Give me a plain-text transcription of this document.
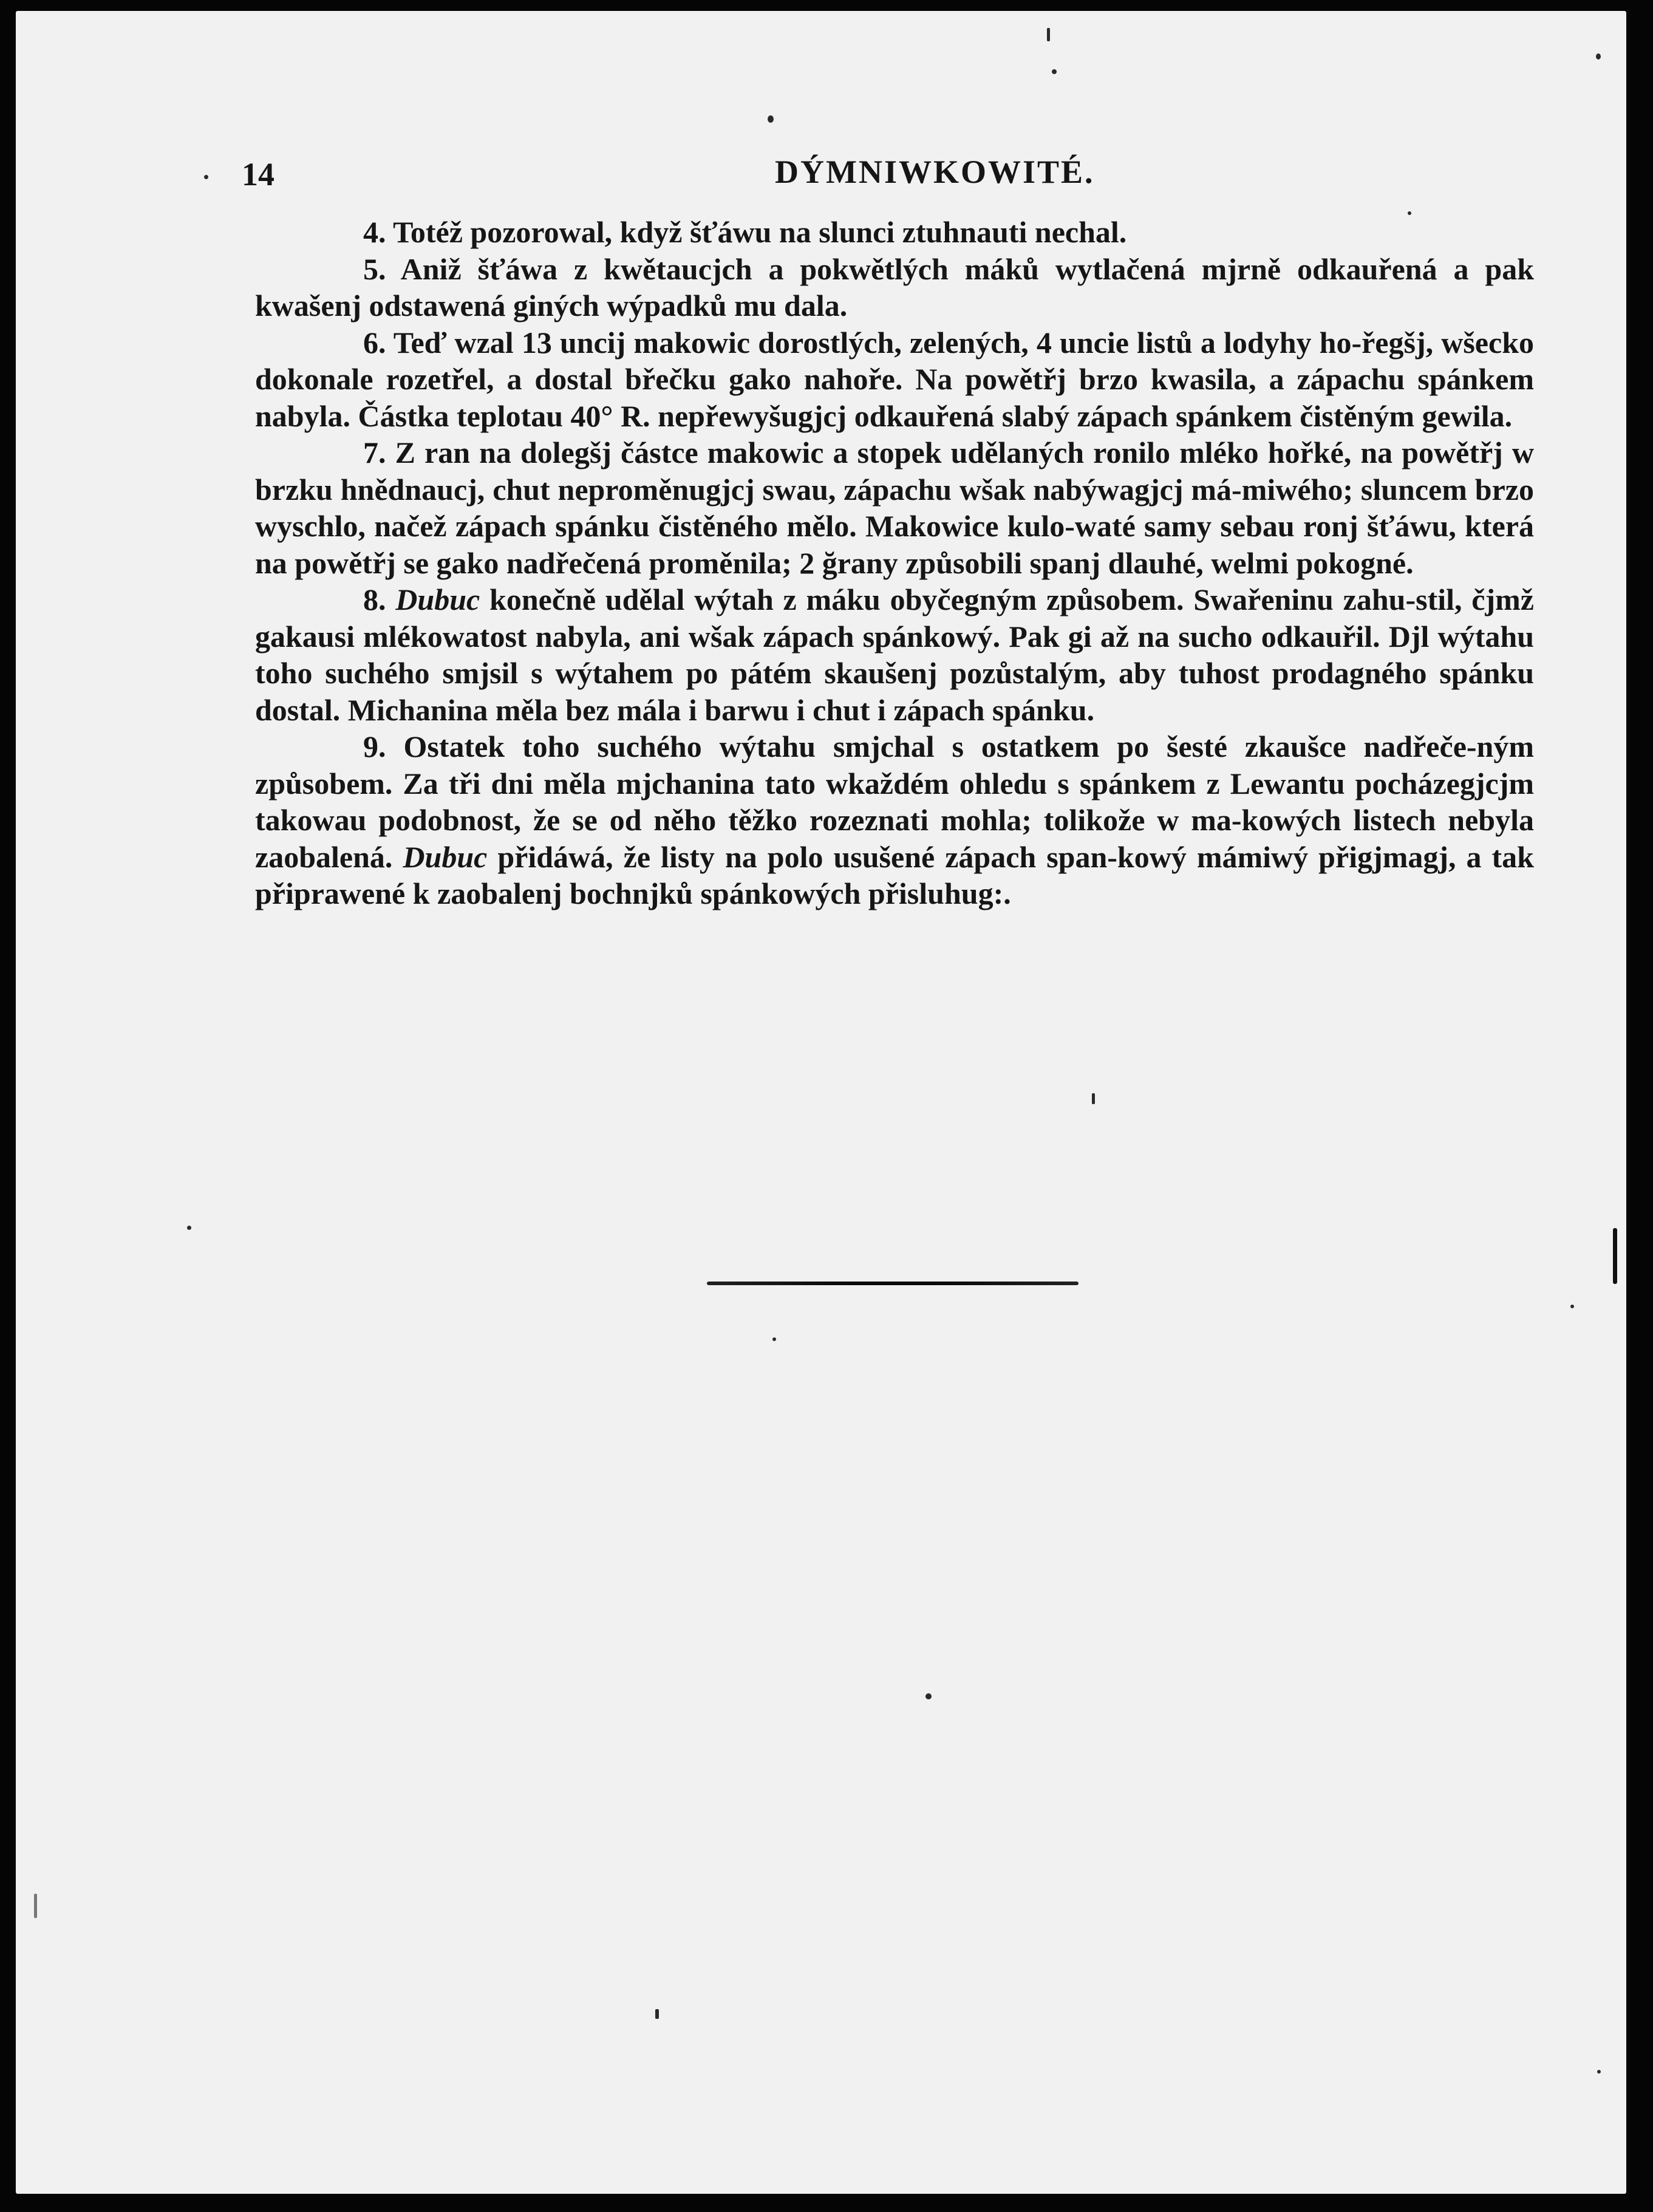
14	DÝMNIWKOWITÉ.

4. Totéž pozorowal, když šťáwu na slunci ztuhnauti nechal.

5. Aniž šťáwa z kwětaucjch a pokwětlých máků wytlačená mjrně odkauřená a pak kwašenj odstawená giných wýpadků mu dala.

6. Teď wzal 13 uncij makowic dorostlých, zelených, 4 uncie listů a lodyhy ho-řegšj, wšecko dokonale rozetřel, a dostal břečku gako nahoře. Na powětřj brzo kwasila, a zápachu spánkem nabyla. Částka teplotau 40° R. nepřewyšugjcj odkauřená slabý zápach spánkem čistěným gewila.

7. Z ran na dolegšj částce makowic a stopek udělaných ronilo mléko hořké, na powětřj w brzku hnědnaucj, chut neproměnugjcj swau, zápachu wšak nabýwagjcj má-miwého; sluncem brzo wyschlo, načež zápach spánku čistěného mělo. Makowice kulo-waté samy sebau ronj šťáwu, která na powětřj se gako nadřečená proměnila; 2 ğrany způsobili spanj dlauhé, welmi pokogné.

8. Dubuc konečně udělal wýtah z máku obyčegným způsobem. Swařeninu zahu-stil, čjmž gakausi mlékowatost nabyla, ani wšak zápach spánkowý. Pak gi až na sucho odkauřil. Djl wýtahu toho suchého smjsil s wýtahem po pátém skaušenj pozůstalým, aby tuhost prodagného spánku dostal. Michanina měla bez mála i barwu i chut i zápach spánku.

9. Ostatek toho suchého wýtahu smjchal s ostatkem po šesté zkaušce nadřeče-ným způsobem. Za tři dni měla mjchanina tato wkaždém ohledu s spánkem z Lewantu pocházegjcjm takowau podobnost, že se od něho těžko rozeznati mohla; tolikože w ma-kowých listech nebyla zaobalená. Dubuc přidáwá, že listy na polo usušené zápach span-kowý mámiwý přigjmagj, a tak připrawené k zaobalenj bochnjků spánkowých přisluhug:.
